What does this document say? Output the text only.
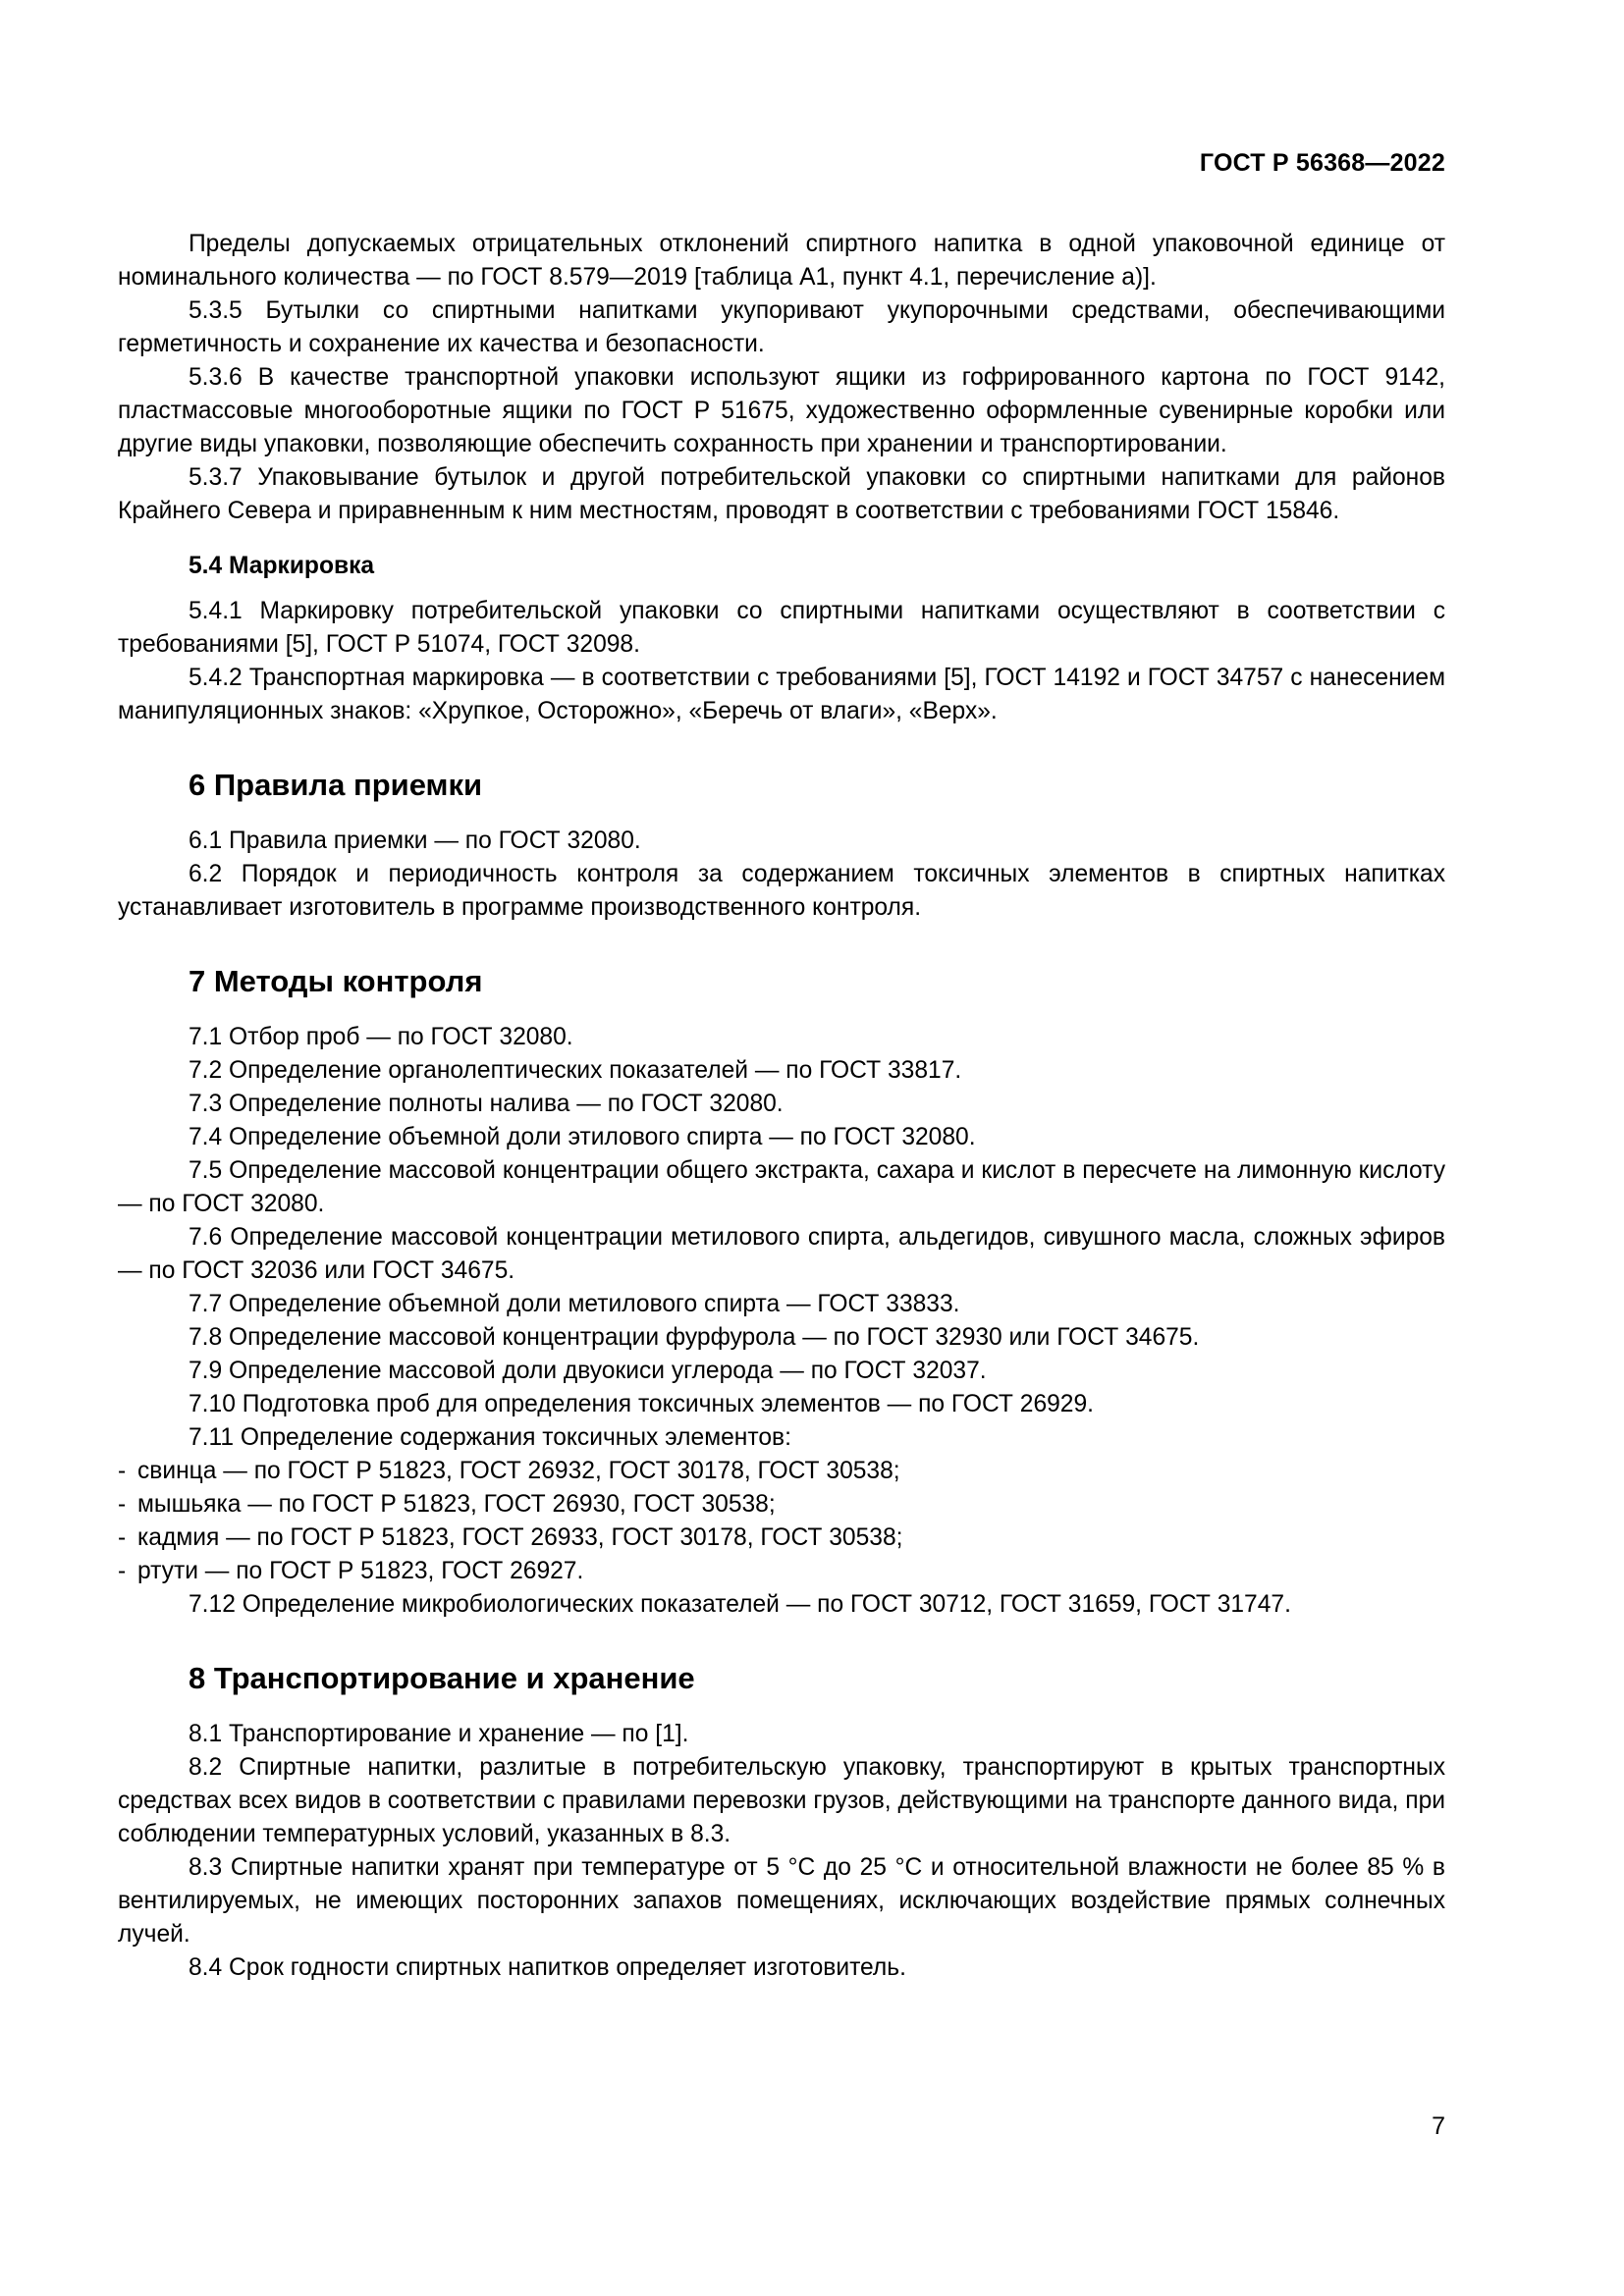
ГОСТ Р 56368—2022

Пределы допускаемых отрицательных отклонений спиртного напитка в одной упаковочной единице от номинального количества — по ГОСТ 8.579—2019 [таблица А1, пункт 4.1, перечисление а)].

5.3.5 Бутылки со спиртными напитками укупоривают укупорочными средствами, обеспечивающими герметичность и сохранение их качества и безопасности.

5.3.6 В качестве транспортной упаковки используют ящики из гофрированного картона по ГОСТ 9142, пластмассовые многооборотные ящики по ГОСТ Р 51675, художественно оформленные сувенирные коробки или другие виды упаковки, позволяющие обеспечить сохранность при хранении и транспортировании.

5.3.7 Упаковывание бутылок и другой потребительской упаковки со спиртными напитками для районов Крайнего Севера и приравненным к ним местностям, проводят в соответствии с требованиями ГОСТ 15846.

5.4 Маркировка

5.4.1 Маркировку потребительской упаковки со спиртными напитками осуществляют в соответствии с требованиями [5], ГОСТ Р 51074, ГОСТ 32098.

5.4.2 Транспортная маркировка — в соответствии с требованиями [5], ГОСТ 14192 и ГОСТ 34757 с нанесением манипуляционных знаков: «Хрупкое, Осторожно», «Беречь от влаги», «Верх».

6 Правила приемки

6.1 Правила приемки — по ГОСТ 32080.

6.2 Порядок и периодичность контроля за содержанием токсичных элементов в спиртных напитках устанавливает изготовитель в программе производственного контроля.

7 Методы контроля

7.1 Отбор проб — по ГОСТ 32080.

7.2 Определение органолептических показателей — по ГОСТ 33817.

7.3 Определение полноты налива — по ГОСТ 32080.

7.4 Определение объемной доли этилового спирта — по ГОСТ 32080.

7.5 Определение массовой концентрации общего экстракта, сахара и кислот в пересчете на лимонную кислоту — по ГОСТ 32080.

7.6 Определение массовой концентрации метилового спирта, альдегидов, сивушного масла, сложных эфиров — по ГОСТ 32036 или ГОСТ 34675.

7.7 Определение объемной доли метилового спирта — ГОСТ 33833.

7.8 Определение массовой концентрации фурфурола — по ГОСТ 32930 или ГОСТ 34675.

7.9 Определение массовой доли двуокиси углерода — по ГОСТ 32037.

7.10 Подготовка проб для определения токсичных элементов — по ГОСТ 26929.

7.11 Определение содержания токсичных элементов:

- свинца — по ГОСТ Р 51823, ГОСТ 26932, ГОСТ 30178, ГОСТ 30538;

- мышьяка — по ГОСТ Р 51823, ГОСТ 26930, ГОСТ 30538;

- кадмия — по ГОСТ Р 51823, ГОСТ 26933, ГОСТ 30178, ГОСТ 30538;

- ртути — по ГОСТ Р 51823, ГОСТ 26927.

7.12 Определение микробиологических показателей — по ГОСТ 30712, ГОСТ 31659, ГОСТ 31747.

8 Транспортирование и хранение

8.1 Транспортирование и хранение — по [1].

8.2 Спиртные напитки, разлитые в потребительскую упаковку, транспортируют в крытых транспортных средствах всех видов в соответствии с правилами перевозки грузов, действующими на транспорте данного вида, при соблюдении температурных условий, указанных в 8.3.

8.3 Спиртные напитки хранят при температуре от 5 °С до 25 °С и относительной влажности не более 85 % в вентилируемых, не имеющих посторонних запахов помещениях, исключающих воздействие прямых солнечных лучей.

8.4 Срок годности спиртных напитков определяет изготовитель.

7
